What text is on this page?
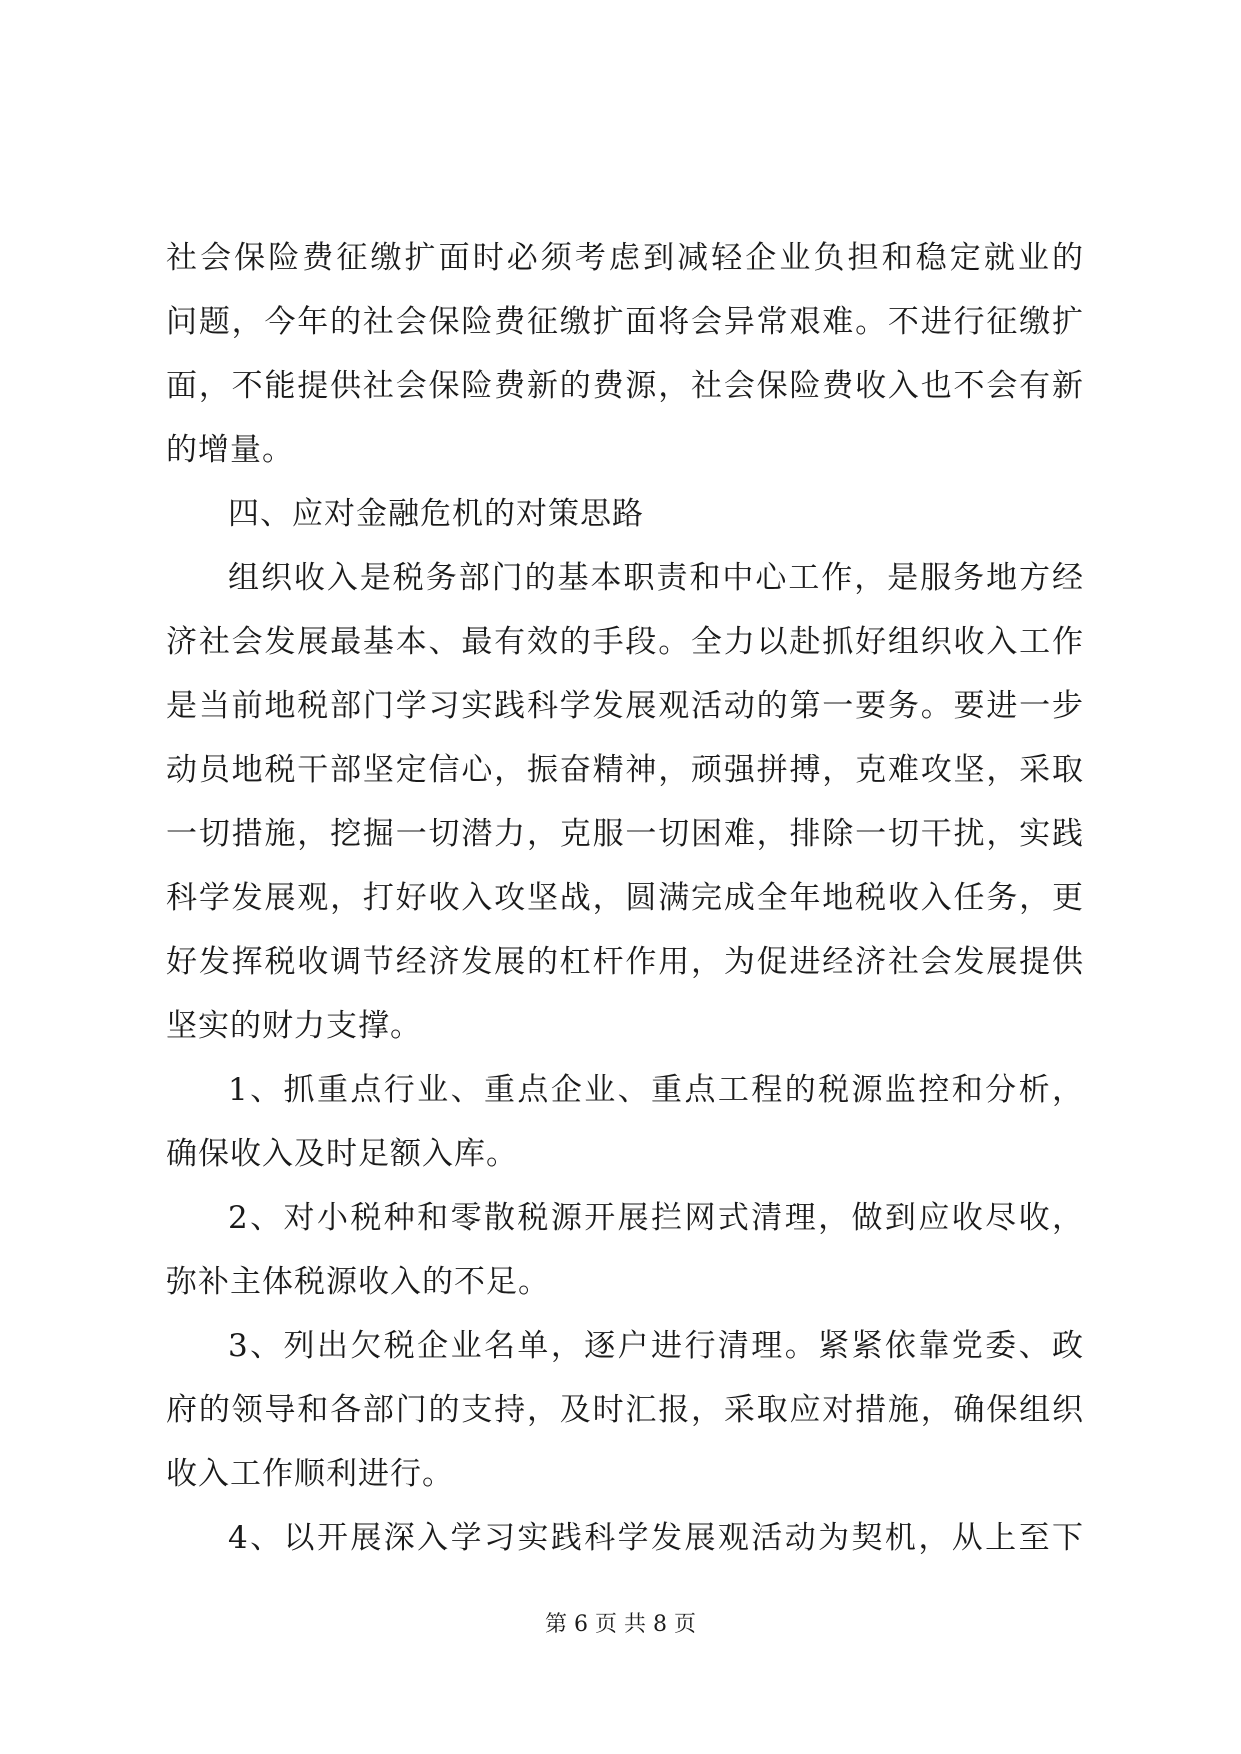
社会保险费征缴扩面时必须考虑到减轻企业负担和稳定就业的
问题，今年的社会保险费征缴扩面将会异常艰难。不进行征缴扩
面，不能提供社会保险费新的费源，社会保险费收入也不会有新
的增量。
四、应对金融危机的对策思路
组织收入是税务部门的基本职责和中心工作，是服务地方经
济社会发展最基本、最有效的手段。全力以赴抓好组织收入工作
是当前地税部门学习实践科学发展观活动的第一要务。要进一步
动员地税干部坚定信心，振奋精神，顽强拼搏，克难攻坚，采取
一切措施，挖掘一切潜力，克服一切困难，排除一切干扰，实践
科学发展观，打好收入攻坚战，圆满完成全年地税收入任务，更
好发挥税收调节经济发展的杠杆作用，为促进经济社会发展提供
坚实的财力支撑。
1、抓重点行业、重点企业、重点工程的税源监控和分析，
确保收入及时足额入库。
2、对小税种和零散税源开展拦网式清理，做到应收尽收，
弥补主体税源收入的不足。
3、列出欠税企业名单，逐户进行清理。紧紧依靠党委、政
府的领导和各部门的支持，及时汇报，采取应对措施，确保组织
收入工作顺利进行。
4、以开展深入学习实践科学发展观活动为契机，从上至下
第 6 页 共 8 页
